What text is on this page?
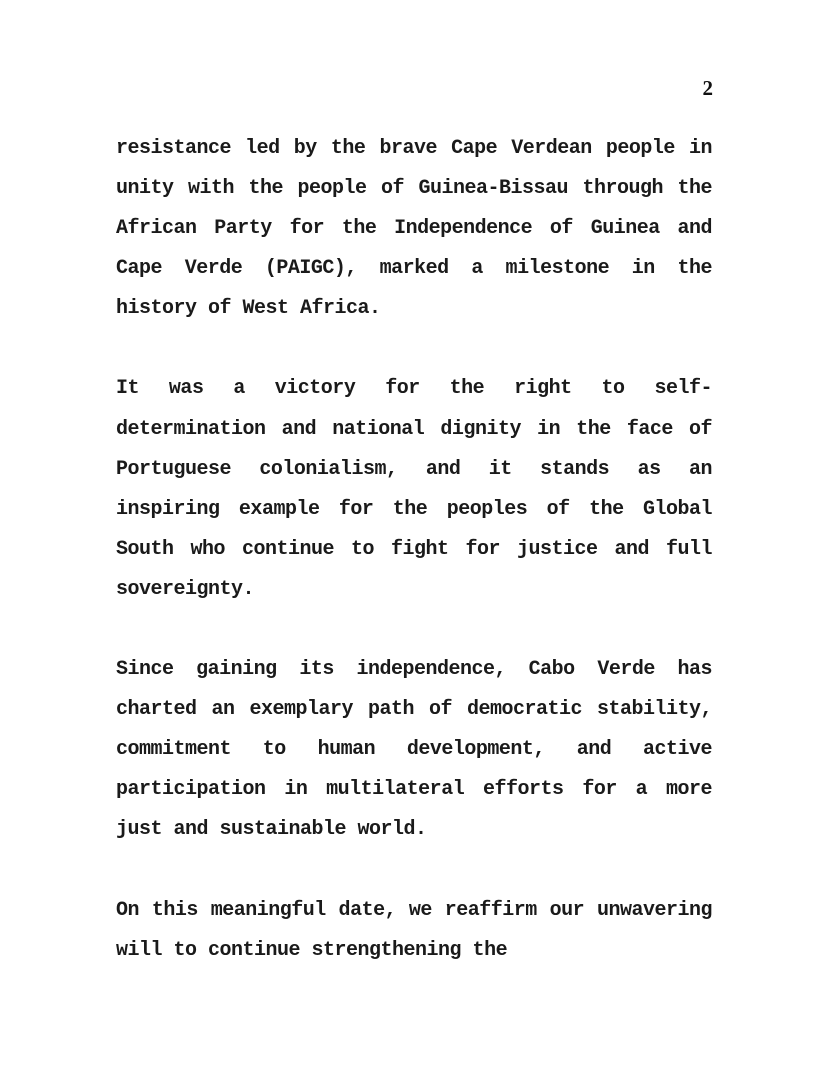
2

resistance led by the brave Cape Verdean people in unity with the people of Guinea-Bissau through the African Party for the Independence of Guinea and Cape Verde (PAIGC), marked a milestone in the history of West Africa.

It was a victory for the right to self-determination and national dignity in the face of Portuguese colonialism, and it stands as an inspiring example for the peoples of the Global South who continue to fight for justice and full sovereignty.

Since gaining its independence, Cabo Verde has charted an exemplary path of democratic stability, commitment to human development, and active participation in multilateral efforts for a more just and sustainable world.

On this meaningful date, we reaffirm our unwavering will to continue strengthening the
